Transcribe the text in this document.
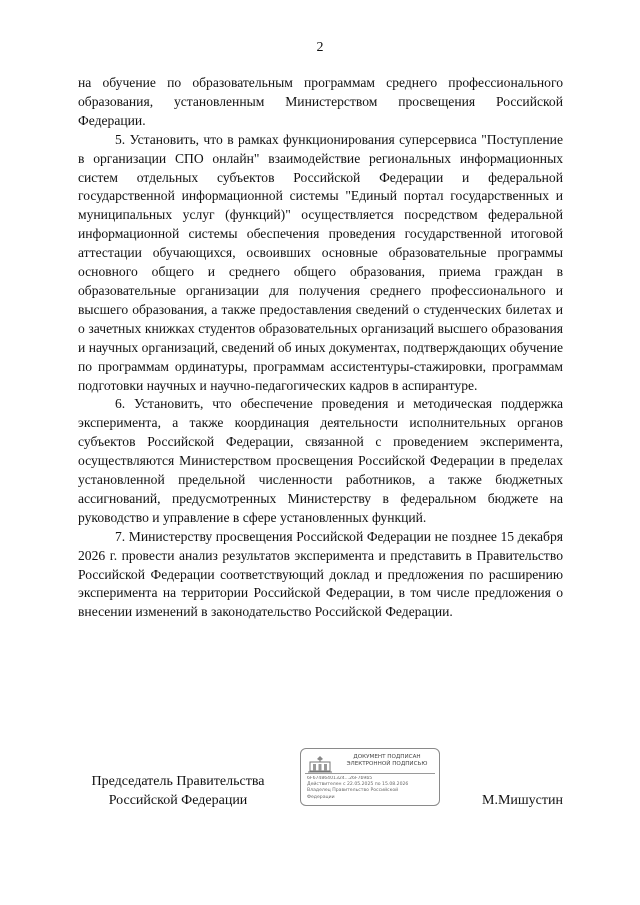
2

на обучение по образовательным программам среднего профессионального образования, установленным Министерством просвещения Российской Федерации.

5. Установить, что в рамках функционирования суперсервиса "Поступление в организации СПО онлайн" взаимодействие региональных информационных систем отдельных субъектов Российской Федерации и федеральной государственной информационной системы "Единый портал государственных и муниципальных услуг (функций)" осуществляется посредством федеральной информационной системы обеспечения проведения государственной итоговой аттестации обучающихся, освоивших основные образовательные программы основного общего и среднего общего образования, приема граждан в образовательные организации для получения среднего профессионального и высшего образования, а также предоставления сведений о студенческих билетах и о зачетных книжках студентов образовательных организаций высшего образования и научных организаций, сведений об иных документах, подтверждающих обучение по программам ординатуры, программам ассистентуры-стажировки, программам подготовки научных и научно-педагогических кадров в аспирантуре.

6. Установить, что обеспечение проведения и методическая поддержка эксперимента, а также координация деятельности исполнительных органов субъектов Российской Федерации, связанной с проведением эксперимента, осуществляются Министерством просвещения Российской Федерации в пределах установленной предельной численности работников, а также бюджетных ассигнований, предусмотренных Министерству в федеральном бюджете на руководство и управление в сфере установленных функций.

7. Министерству просвещения Российской Федерации не позднее 15 декабря 2026 г. провести анализ результатов эксперимента и представить в Правительство Российской Федерации соответствующий доклад и предложения по расширению эксперимента на территории Российской Федерации, в том числе предложения о внесении изменений в законодательство Российской Федерации.

Председатель Правительства
Российской Федерации
ДОКУМЕНТ ПОДПИСАН
ЭЛЕКТРОННОЙ ПОДПИСЬЮ
6F67486401324...26F7b9b5
Действителен с 22.05.2025 по 15.08.2026
Владелец Правительство Российской
Федерации	М.Мишустин
